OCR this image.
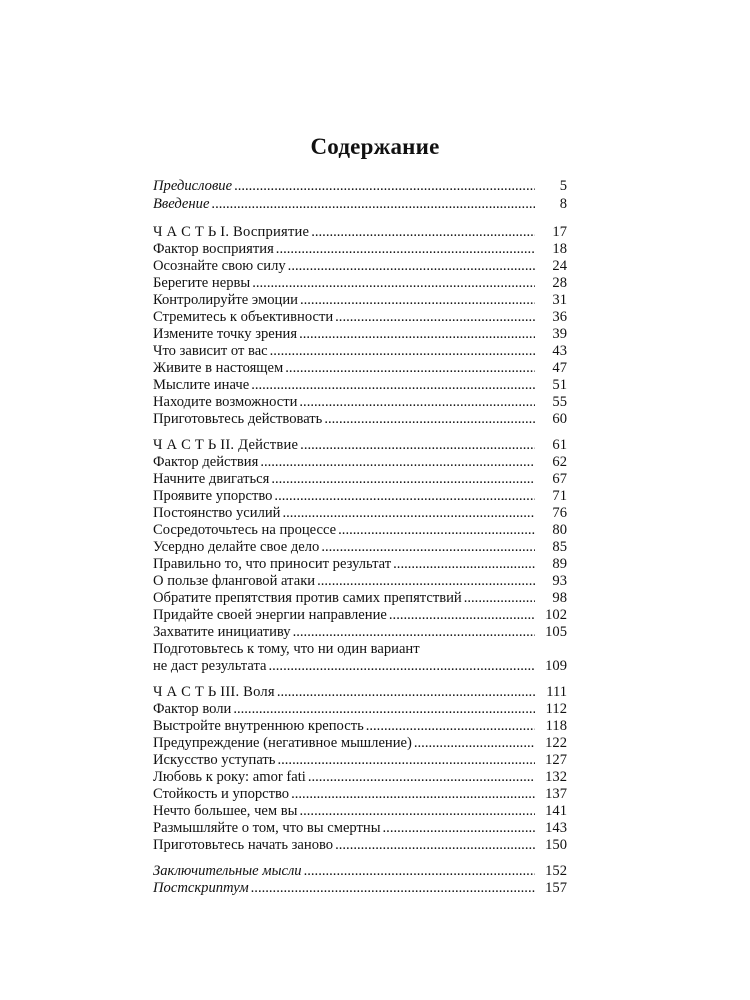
Содержание
Предисловие .....	5
Введение .....	8
Ч А С Т Ь I. Восприятие .....	17
Фактор восприятия .....	18
Осознайте свою силу .....	24
Берегите нервы .....	28
Контролируйте эмоции .....	31
Стремитесь к объективности .....	36
Измените точку зрения .....	39
Что зависит от вас .....	43
Живите в настоящем .....	47
Мыслите иначе .....	51
Находите возможности .....	55
Приготовьтесь действовать .....	60
Ч А С Т Ь II. Действие .....	61
Фактор действия .....	62
Начните двигаться .....	67
Проявите упорство .....	71
Постоянство усилий .....	76
Сосредоточьтесь на процессе .....	80
Усердно делайте свое дело .....	85
Правильно то, что приносит результат .....	89
О пользе фланговой атаки .....	93
Обратите препятствия против самих препятствий .....	98
Придайте своей энергии направление .....	102
Захватите инициативу .....	105
Подготовьтесь к тому, что ни один вариант
не даст результата .....	109
Ч А С Т Ь III. Воля .....	111
Фактор воли .....	112
Выстройте внутреннюю крепость .....	118
Предупреждение (негативное мышление) .....	122
Искусство уступать .....	127
Любовь к року: amor fati .....	132
Стойкость и упорство .....	137
Нечто большее, чем вы .....	141
Размышляйте о том, что вы смертны .....	143
Приготовьтесь начать заново .....	150
Заключительные мысли .....	152
Постскриптум .....	157
